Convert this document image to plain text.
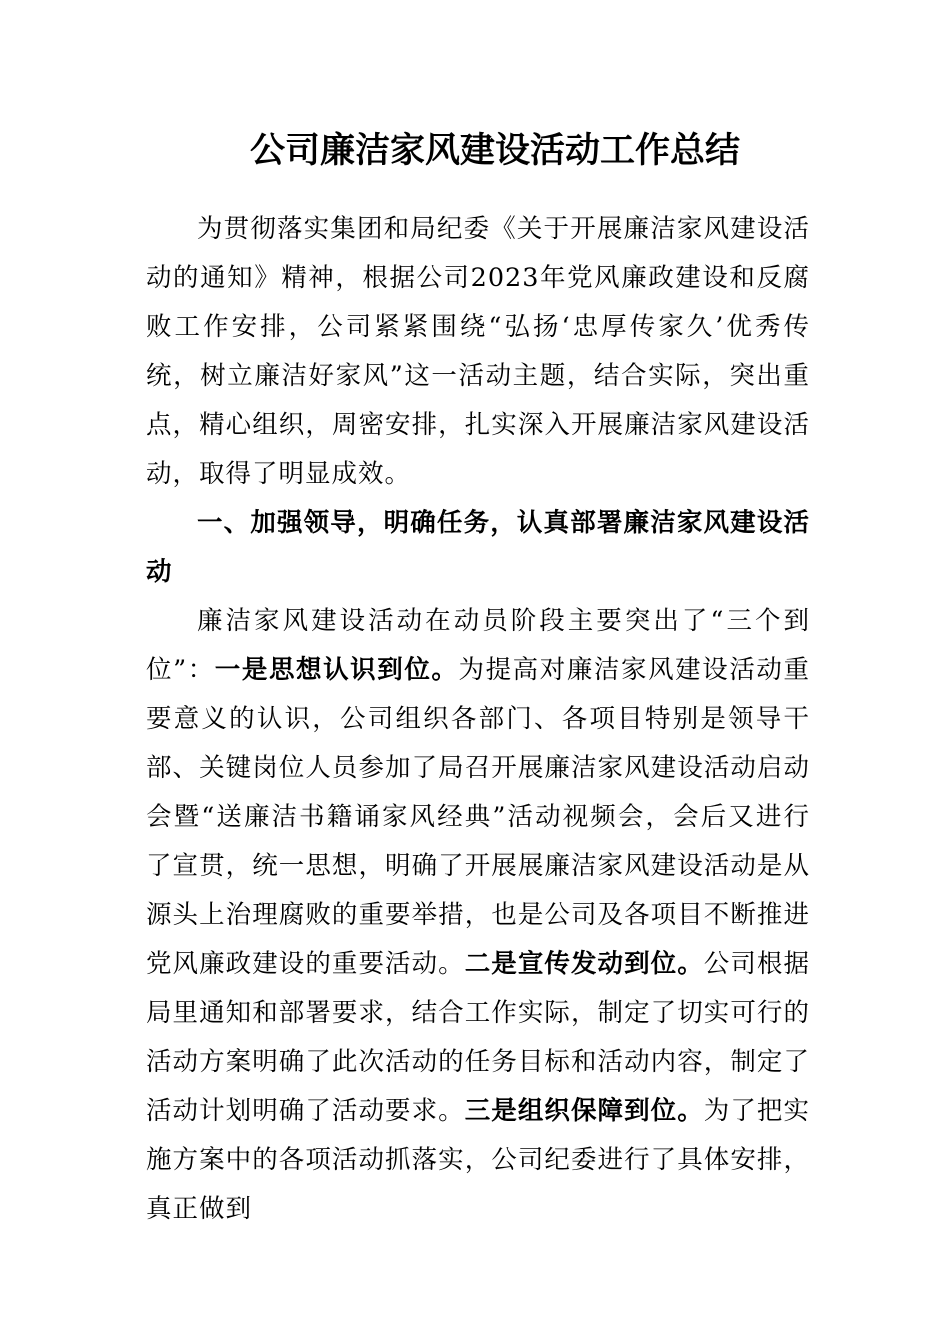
公司廉洁家风建设活动工作总结

为贯彻落实集团和局纪委《关于开展廉洁家风建设活动的通知》精神，根据公司2023年党风廉政建设和反腐败工作安排，公司紧紧围绕“弘扬‘忠厚传家久’优秀传统，树立廉洁好家风”这一活动主题，结合实际，突出重点，精心组织，周密安排，扎实深入开展廉洁家风建设活动，取得了明显成效。

一、加强领导，明确任务，认真部署廉洁家风建设活动

廉洁家风建设活动在动员阶段主要突出了“三个到位”：一是思想认识到位。为提高对廉洁家风建设活动重要意义的认识，公司组织各部门、各项目特别是领导干部、关键岗位人员参加了局召开展廉洁家风建设活动启动会暨“送廉洁书籍诵家风经典”活动视频会，会后又进行了宣贯，统一思想，明确了开展展廉洁家风建设活动是从源头上治理腐败的重要举措，也是公司及各项目不断推进党风廉政建设的重要活动。二是宣传发动到位。公司根据局里通知和部署要求，结合工作实际，制定了切实可行的活动方案明确了此次活动的任务目标和活动内容，制定了活动计划明确了活动要求。三是组织保障到位。为了把实施方案中的各项活动抓落实，公司纪委进行了具体安排，真正做到
